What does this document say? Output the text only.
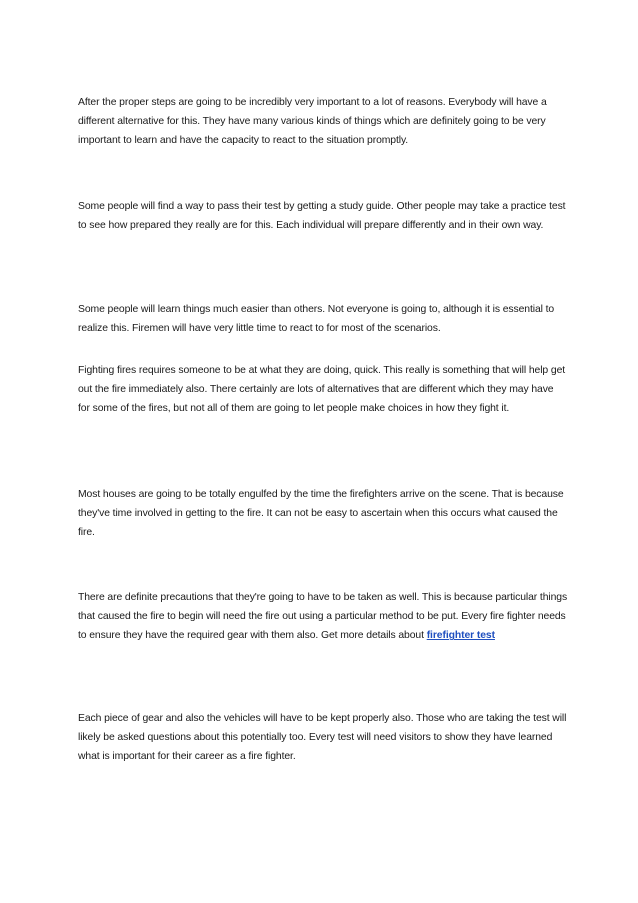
After the proper steps are going to be incredibly very important to a lot of reasons. Everybody will have a different alternative for this. They have many various kinds of things which are definitely going to be very important to learn and have the capacity to react to the situation promptly.

Some people will find a way to pass their test by getting a study guide. Other people may take a practice test to see how prepared they really are for this. Each individual will prepare differently and in their own way.

Some people will learn things much easier than others. Not everyone is going to, although it is essential to realize this. Firemen will have very little time to react to for most of the scenarios.

Fighting fires requires someone to be at what they are doing, quick. This really is something that will help get out the fire immediately also. There certainly are lots of alternatives that are different which they may have for some of the fires, but not all of them are going to let people make choices in how they fight it.

Most houses are going to be totally engulfed by the time the firefighters arrive on the scene. That is because they've time involved in getting to the fire. It can not be easy to ascertain when this occurs what caused the fire.

There are definite precautions that they're going to have to be taken as well. This is because particular things that caused the fire to begin will need the fire out using a particular method to be put. Every fire fighter needs to ensure they have the required gear with them also. Get more details about firefighter test

Each piece of gear and also the vehicles will have to be kept properly also. Those who are taking the test will likely be asked questions about this potentially too. Every test will need visitors to show they have learned what is important for their career as a fire fighter.
